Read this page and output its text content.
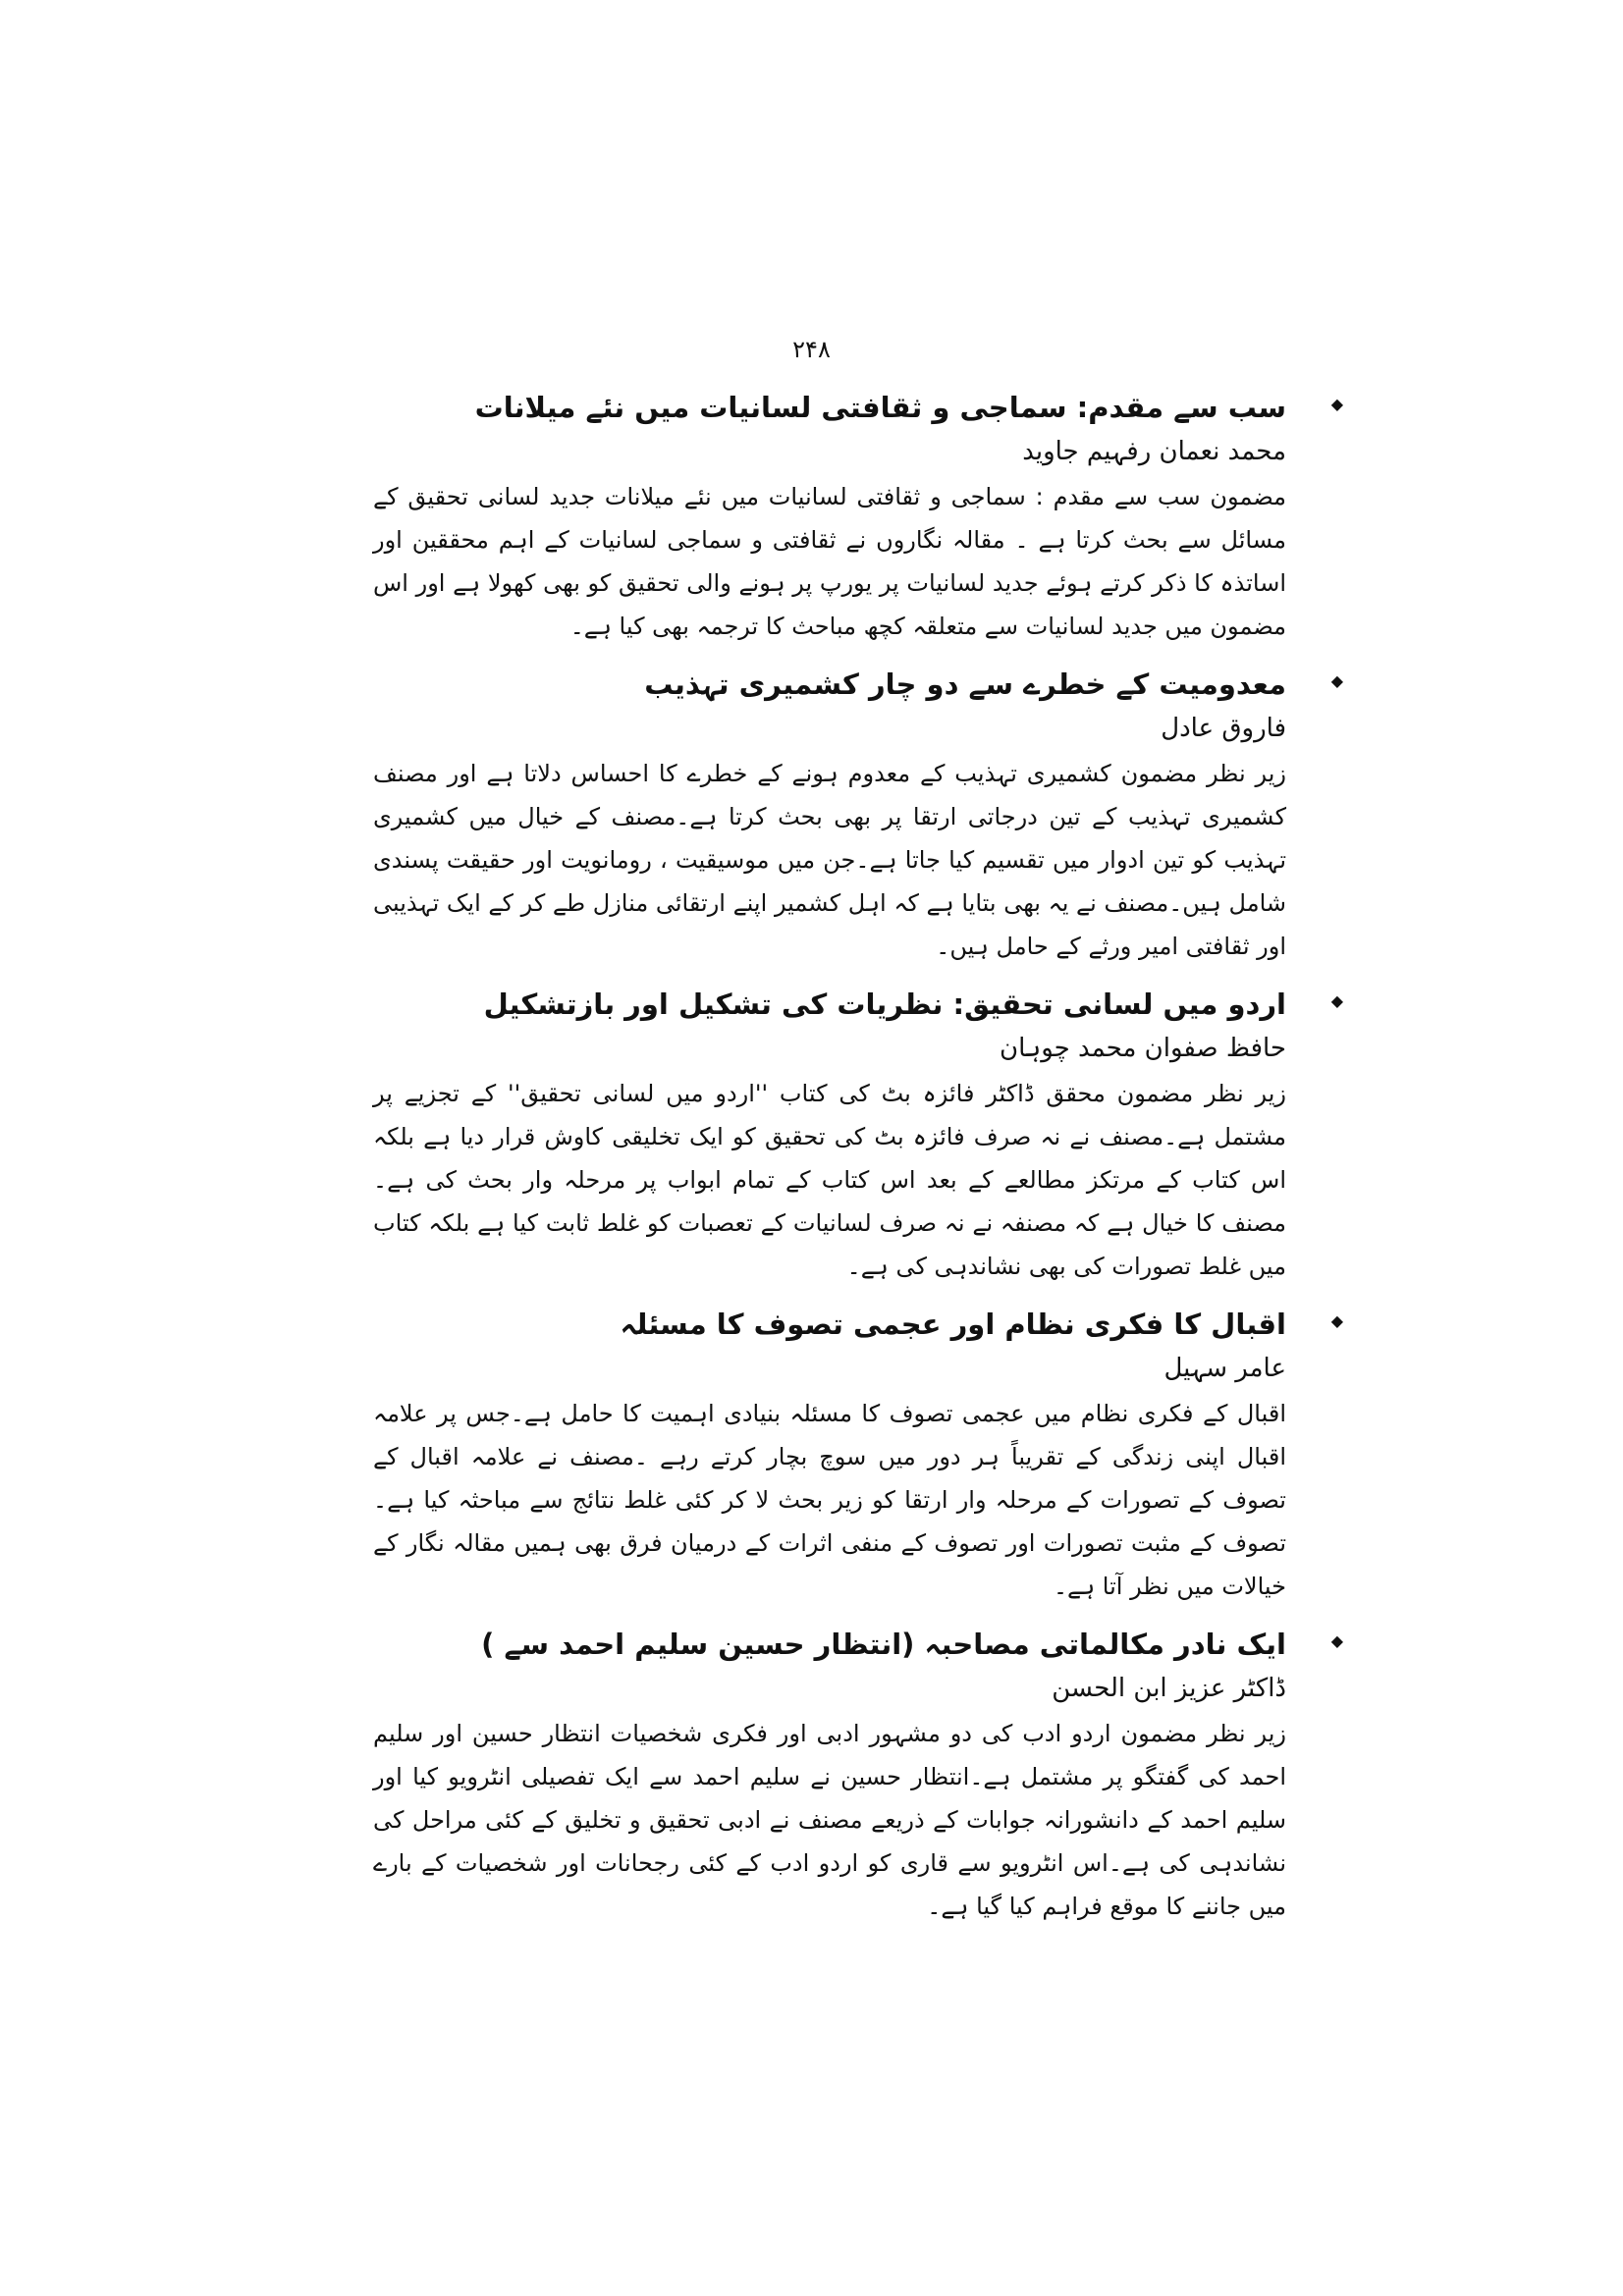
۲۴۸
◆
سب سے مقدم: سماجی و ثقافتی لسانیات میں نئے میلانات
محمد نعمان رفہیم جاوید

مضمون سب سے مقدم : سماجی و ثقافتی لسانیات میں نئے میلانات جدید لسانی تحقیق کے مسائل سے بحث کرتا ہے ۔ مقالہ نگاروں نے ثقافتی و سماجی لسانیات کے اہم محققین اور اساتذہ کا ذکر کرتے ہوئے جدید لسانیات پر یورپ پر ہونے والی تحقیق کو بھی کھولا ہے اور اس مضمون میں جدید لسانیات سے متعلقہ کچھ مباحث کا ترجمہ بھی کیا ہے۔

◆
معدومیت کے خطرے سے دو چار کشمیری تہذیب
فاروق عادل

زیر نظر مضمون کشمیری تہذیب کے معدوم ہونے کے خطرے کا احساس دلاتا ہے اور مصنف کشمیری تہذیب کے تین درجاتی ارتقا پر بھی بحث کرتا ہے۔مصنف کے خیال میں کشمیری تہذیب کو تین ادوار میں تقسیم کیا جاتا ہے۔جن میں موسیقیت ، رومانویت اور حقیقت پسندی شامل ہیں۔مصنف نے یہ بھی بتایا ہے کہ اہل کشمیر اپنے ارتقائی منازل طے کر کے ایک تہذیبی اور ثقافتی امیر ورثے کے حامل ہیں۔

◆
اردو میں لسانی تحقیق: نظریات کی تشکیل اور بازتشکیل
حافظ صفوان محمد چوہان

زیر نظر مضمون محقق ڈاکٹر فائزہ بٹ کی کتاب ''اردو میں لسانی تحقیق'' کے تجزیے پر مشتمل ہے۔مصنف نے نہ صرف فائزہ بٹ کی تحقیق کو ایک تخلیقی کاوش قرار دیا ہے بلکہ اس کتاب کے مرتکز مطالعے کے بعد اس کتاب کے تمام ابواب پر مرحلہ وار بحث کی ہے۔ مصنف کا خیال ہے کہ مصنفہ نے نہ صرف لسانیات کے تعصبات کو غلط ثابت کیا ہے بلکہ کتاب میں غلط تصورات کی بھی نشاندہی کی ہے۔

◆
اقبال کا فکری نظام اور عجمی تصوف کا مسئلہ
عامر سہیل

اقبال کے فکری نظام میں عجمی تصوف کا مسئلہ بنیادی اہمیت کا حامل ہے۔جس پر علامہ اقبال اپنی زندگی کے تقریباً ہر دور میں سوچ بچار کرتے رہے ۔مصنف نے علامہ اقبال کے تصوف کے تصورات کے مرحلہ وار ارتقا کو زیر بحث لا کر کئی غلط نتائج سے مباحثہ کیا ہے۔تصوف کے مثبت تصورات اور تصوف کے منفی اثرات کے درمیان فرق بھی ہمیں مقالہ نگار کے خیالات میں نظر آتا ہے۔

◆
ایک نادر مکالماتی مصاحبہ (انتظار حسین سلیم احمد سے )
ڈاکٹر عزیز ابن الحسن

زیر نظر مضمون اردو ادب کی دو مشہور ادبی اور فکری شخصیات انتظار حسین اور سلیم احمد کی گفتگو پر مشتمل ہے۔انتظار حسین نے سلیم احمد سے ایک تفصیلی انٹرویو کیا اور سلیم احمد کے دانشورانہ جوابات کے ذریعے مصنف نے ادبی تحقیق و تخلیق کے کئی مراحل کی نشاندہی کی ہے۔اس انٹرویو سے قاری کو اردو ادب کے کئی رجحانات اور شخصیات کے بارے میں جاننے کا موقع فراہم کیا گیا ہے۔
